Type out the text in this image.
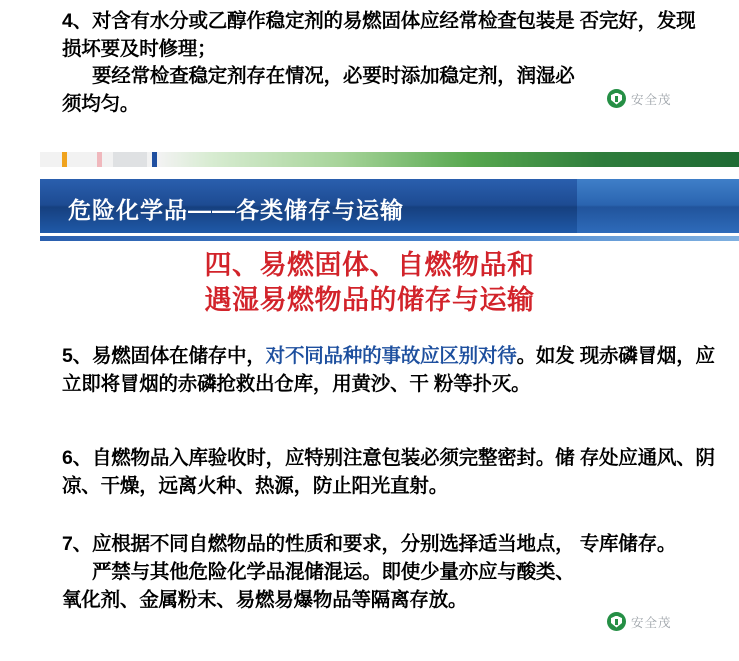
4、对含有水分或乙醇作稳定剂的易燃固体应经常检查包装是 否完好，发现损坏要及时修理；
要经常检查稳定剂存在情况，必要时添加稳定剂，润湿必
须均匀。	安全茂
危险化学品——各类储存与运输
四、易燃固体、自燃物品和
遇湿易燃物品的储存与运输
5、易燃固体在储存中，对不同品种的事故应区别对待。如发 现赤磷冒烟，应立即将冒烟的赤磷抢救出仓库，用黄沙、干 粉等扑灭。
6、自燃物品入库验收时，应特别注意包装必须完整密封。储 存处应通风、阴凉、干燥，远离火种、热源，防止阳光直射。
7、应根据不同自燃物品的性质和要求，分别选择适当地点， 专库储存。
严禁与其他危险化学品混储混运。即使少量亦应与酸类、
氧化剂、金属粉末、易燃易爆物品等隔离存放。
安全茂
